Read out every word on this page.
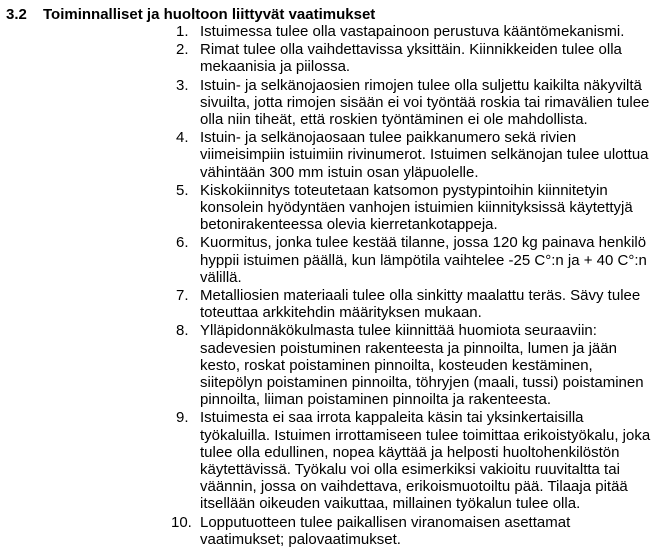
3.2 Toiminnalliset ja huoltoon liittyvät vaatimukset
1. Istuimessa tulee olla vastapainoon perustuva kääntömekanismi.
2. Rimat tulee olla vaihdettavissa yksittäin. Kiinnikkeiden tulee olla
mekaanisia ja piilossa.
3. Istuin- ja selkänojaosien rimojen tulee olla suljettu kaikilta näkyviltä
sivuilta, jotta rimojen sisään ei voi työntää roskia tai rimavälien tulee
olla niin tiheät, että roskien työntäminen ei ole mahdollista.
4. Istuin- ja selkänojaosaan tulee paikkanumero sekä rivien
viimeisimpiin istuimiin rivinumerot. Istuimen selkänojan tulee ulottua
vähintään 300 mm istuin osan yläpuolelle.
5. Kiskokiinnitys toteutetaan katsomon pystypintoihin kiinnitetyin
konsolein hyödyntäen vanhojen istuimien kiinnityksissä käytettyjä
betonirakenteessa olevia kierretankotappeja.
6. Kuormitus, jonka tulee kestää tilanne, jossa 120 kg painava henkilö
hyppii istuimen päällä, kun lämpötila vaihtelee -25 C°:n ja + 40 C°:n
välillä.
7. Metalliosien materiaali tulee olla sinkitty maalattu teräs. Sävy tulee
toteuttaa arkkitehdin määrityksen mukaan.
8. Ylläpidonnäkökulmasta tulee kiinnittää huomiota seuraaviin:
sadevesien poistuminen rakenteesta ja pinnoilta, lumen ja jään
kesto, roskat poistaminen pinnoilta, kosteuden kestäminen,
siitepölyn poistaminen pinnoilta, töhryjen (maali, tussi) poistaminen
pinnoilta, liiman poistaminen pinnoilta ja rakenteesta.
9. Istuimesta ei saa irrota kappaleita käsin tai yksinkertaisilla
työkaluilla. Istuimen irrottamiseen tulee toimittaa erikoistyökalu, joka
tulee olla edullinen, nopea käyttää ja helposti huoltohenkilöstön
käytettävissä. Työkalu voi olla esimerkiksi vakioitu ruuvitaltta tai
väännin, jossa on vaihdettava, erikoismuotoiltu pää. Tilaaja pitää
itsellään oikeuden vaikuttaa, millainen työkalun tulee olla.
10. Lopputuotteen tulee paikallisen viranomaisen asettamat
vaatimukset; palovaatimukset.
